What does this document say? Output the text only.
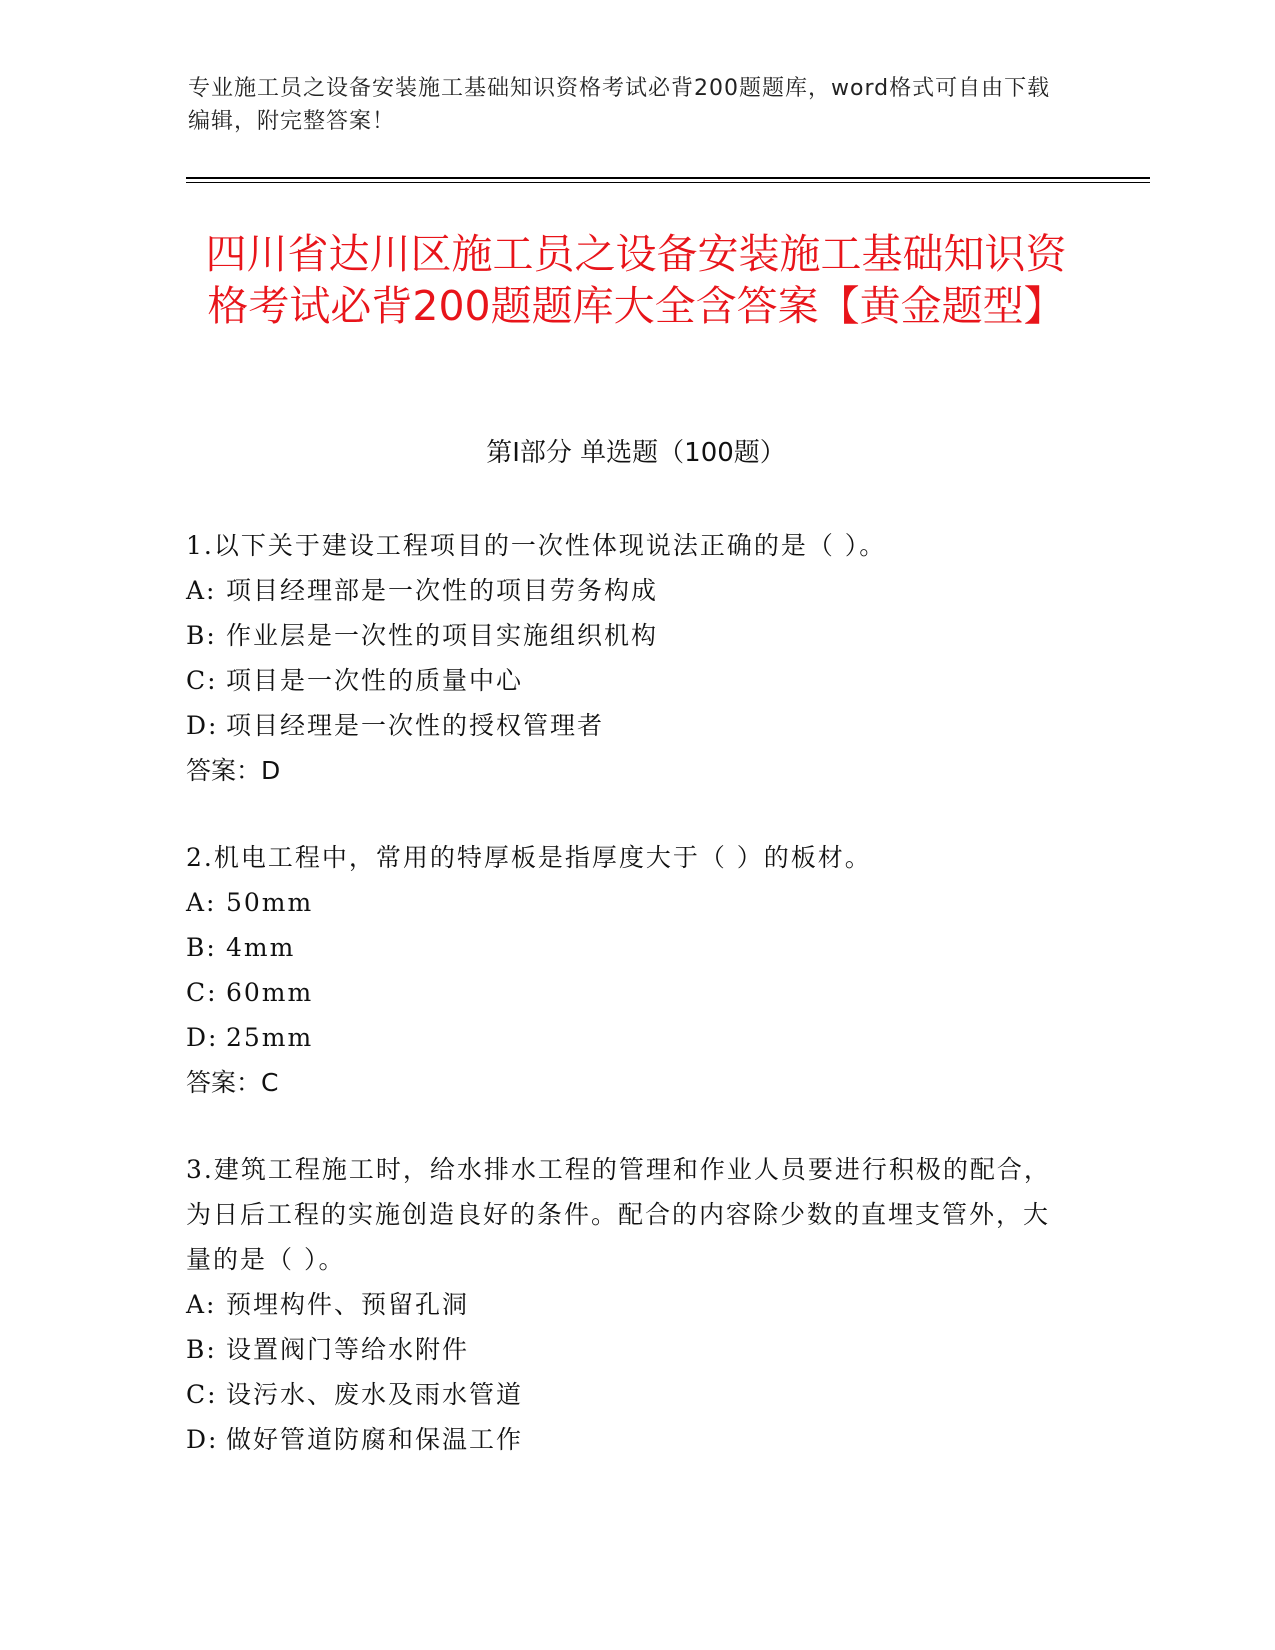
专业施工员之设备安装施工基础知识资格考试必背200题题库，word格式可自由下载编辑，附完整答案！
四川省达川区施工员之设备安装施工基础知识资格考试必背200题题库大全含答案【黄金题型】
第I部分 单选题（100题）
1.以下关于建设工程项目的一次性体现说法正确的是（ ）。
A: 项目经理部是一次性的项目劳务构成
B: 作业层是一次性的项目实施组织机构
C: 项目是一次性的质量中心
D: 项目经理是一次性的授权管理者
答案：D
2.机电工程中，常用的特厚板是指厚度大于（ ）的板材。
A: 50mm
B: 4mm
C: 60mm
D: 25mm
答案：C
3.建筑工程施工时，给水排水工程的管理和作业人员要进行积极的配合，为日后工程的实施创造良好的条件。配合的内容除少数的直埋支管外，大量的是（ ）。
A: 预埋构件、预留孔洞
B: 设置阀门等给水附件
C: 设污水、废水及雨水管道
D: 做好管道防腐和保温工作
